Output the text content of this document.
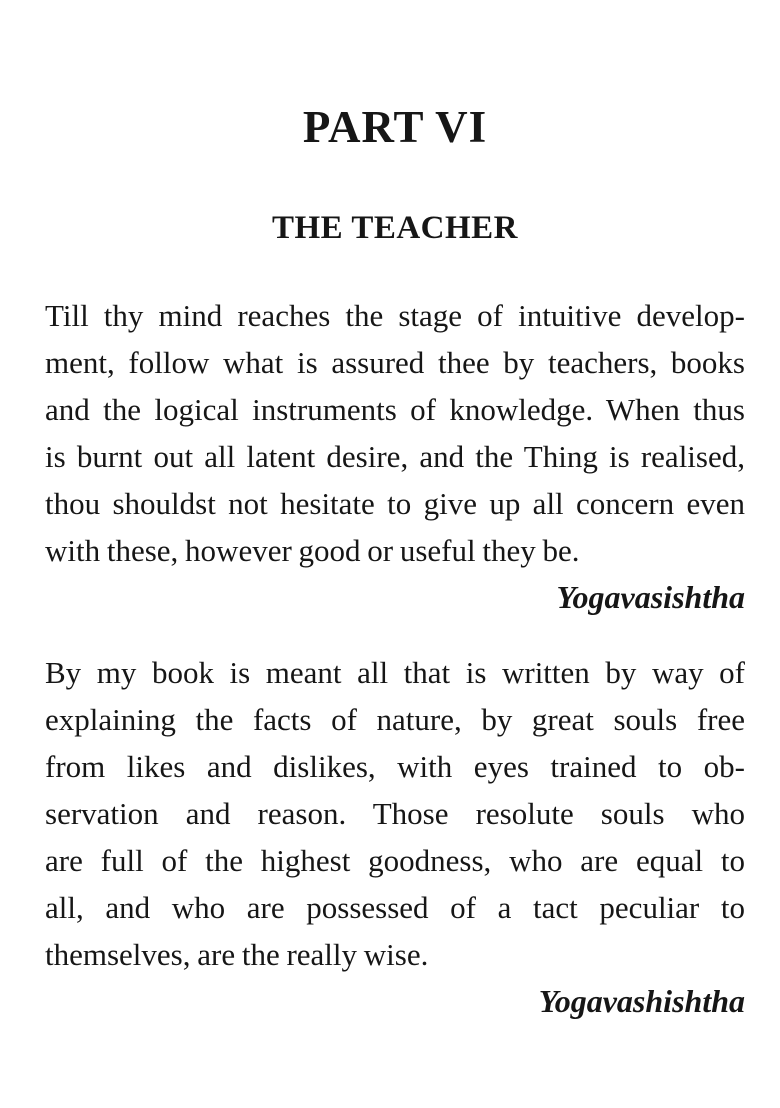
PART VI
THE TEACHER
Till thy mind reaches the stage of intuitive develop-
ment, follow what is assured thee by teachers, books
and the logical instruments of knowledge. When thus
is burnt out all latent desire, and the Thing is realised,
thou shouldst not hesitate to give up all concern even
with these, however good or useful they be.

Yogavasishtha

By my book is meant all that is written by way of
explaining the facts of nature, by great souls free
from likes and dislikes, with eyes trained to ob-
servation and reason. Those resolute souls who
are full of the highest goodness, who are equal to
all, and who are possessed of a tact peculiar to
themselves, are the really wise.

Yogavashishtha
